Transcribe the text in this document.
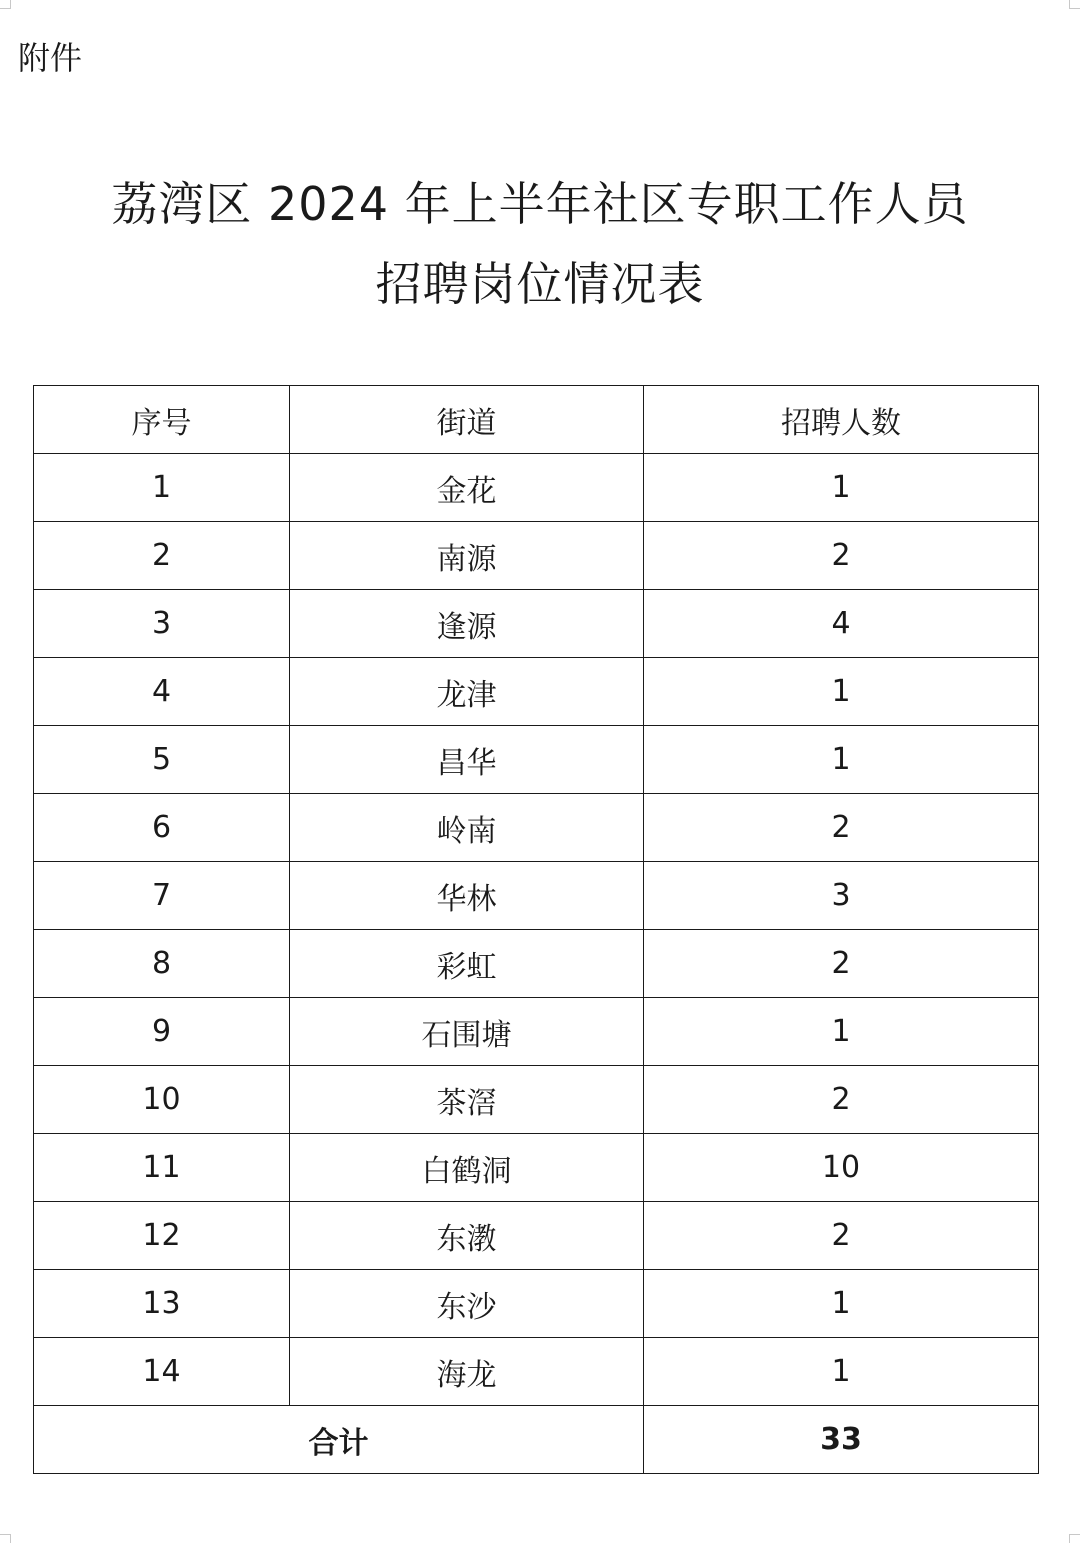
附件
荔湾区 2024 年上半年社区专职工作人员
招聘岗位情况表
序号	街道	招聘人数
1	金花	1
2	南源	2
3	逢源	4
4	龙津	1
5	昌华	1
6	岭南	2
7	华林	3
8	彩虹	2
9	石围塘	1
10	茶滘	2
11	白鹤洞	10
12	东漖	2
13	东沙	1
14	海龙	1
合计		33
